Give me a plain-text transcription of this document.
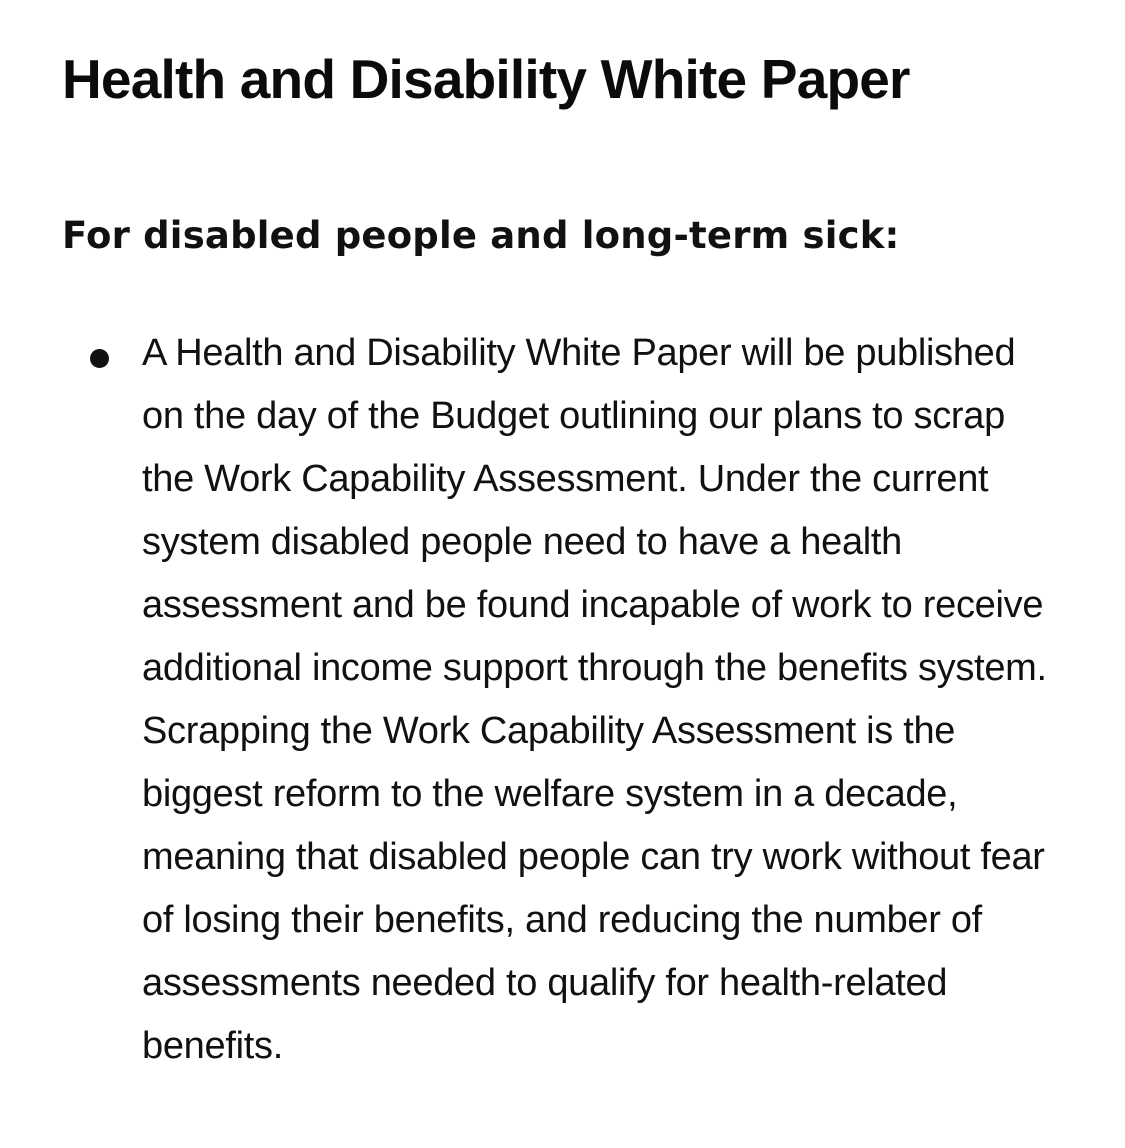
Health and Disability White Paper
For disabled people and long-term sick:
A Health and Disability White Paper will be published on the day of the Budget outlining our plans to scrap the Work Capability Assessment. Under the current system disabled people need to have a health assessment and be found incapable of work to receive additional income support through the benefits system. Scrapping the Work Capability Assessment is the biggest reform to the welfare system in a decade, meaning that disabled people can try work without fear of losing their benefits, and reducing the number of assessments needed to qualify for health-related benefits.
